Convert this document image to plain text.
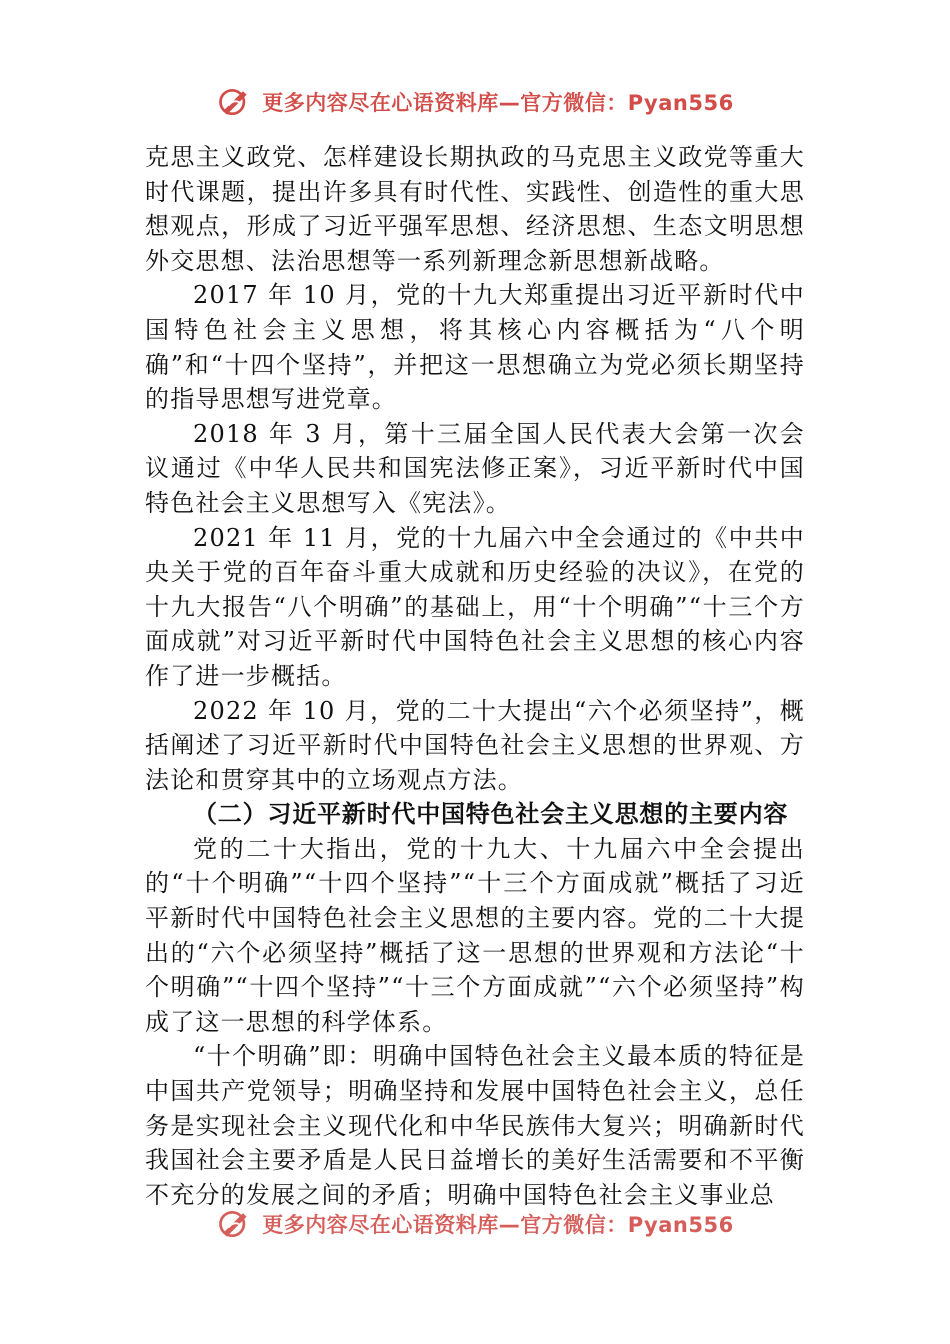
更多内容尽在心语资料库—官方微信：Pyan556

克思主义政党、怎样建设长期执政的马克思主义政党等重大时代课题，提出许多具有时代性、实践性、创造性的重大思想观点，形成了习近平强军思想、经济思想、生态文明思想外交思想、法治思想等一系列新理念新思想新战略。

2017 年 10 月，党的十九大郑重提出习近平新时代中国特色社会主义思想，将其核心内容概括为“八个明确”和“十四个坚持”，并把这一思想确立为党必须长期坚持的指导思想写进党章。

2018 年 3 月，第十三届全国人民代表大会第一次会议通过《中华人民共和国宪法修正案》，习近平新时代中国特色社会主义思想写入《宪法》。

2021 年 11 月，党的十九届六中全会通过的《中共中央关于党的百年奋斗重大成就和历史经验的决议》，在党的十九大报告“八个明确”的基础上，用“十个明确”“十三个方面成就”对习近平新时代中国特色社会主义思想的核心内容作了进一步概括。

2022 年 10 月，党的二十大提出“六个必须坚持”，概括阐述了习近平新时代中国特色社会主义思想的世界观、方法论和贯穿其中的立场观点方法。

（二）习近平新时代中国特色社会主义思想的主要内容

党的二十大指出，党的十九大、十九届六中全会提出的“十个明确”“十四个坚持”“十三个方面成就”概括了习近平新时代中国特色社会主义思想的主要内容。党的二十大提出的“六个必须坚持”概括了这一思想的世界观和方法论“十个明确”“十四个坚持”“十三个方面成就”“六个必须坚持”构成了这一思想的科学体系。

“十个明确”即：明确中国特色社会主义最本质的特征是中国共产党领导；明确坚持和发展中国特色社会主义，总任务是实现社会主义现代化和中华民族伟大复兴；明确新时代我国社会主要矛盾是人民日益增长的美好生活需要和不平衡不充分的发展之间的矛盾；明确中国特色社会主义事业总

更多内容尽在心语资料库—官方微信：Pyan556
